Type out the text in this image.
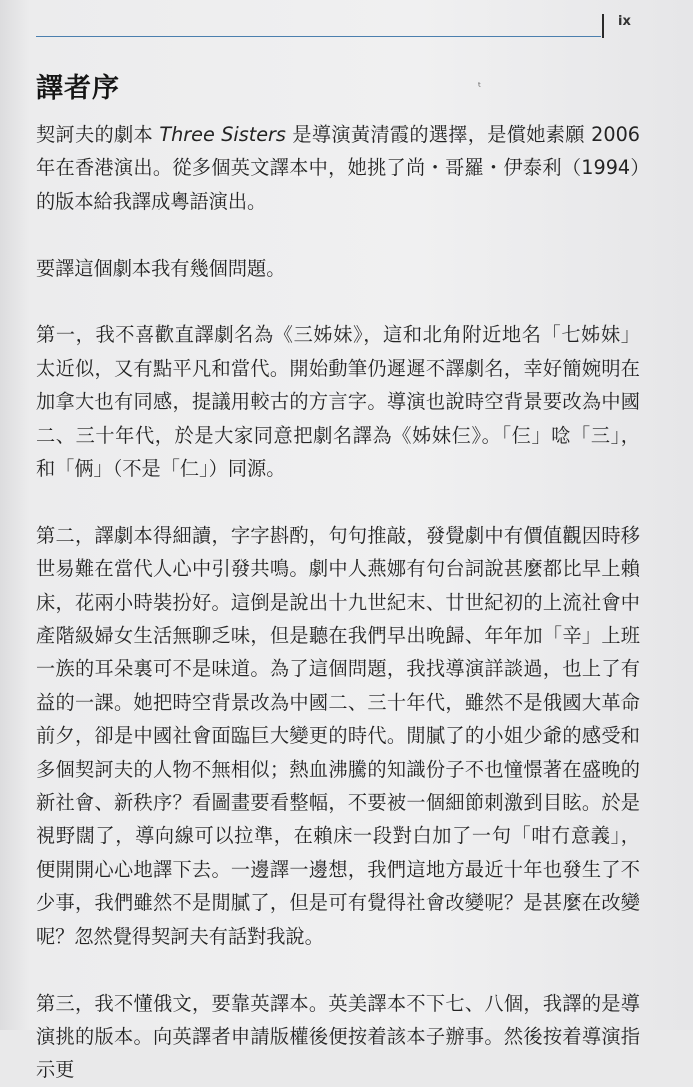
ix
譯者序	ᵗ

契訶夫的劇本 Three Sisters 是導演黃清霞的選擇，是償她素願 2006 年在香港演出。從多個英文譯本中，她挑了尚・哥羅・伊泰利（1994）的版本給我譯成粵語演出。

要譯這個劇本我有幾個問題。

第一，我不喜歡直譯劇名為《三姊妹》，這和北角附近地名「七姊妹」太近似，又有點平凡和當代。開始動筆仍遲遲不譯劇名，幸好簡婉明在加拿大也有同感，提議用較古的方言字。導演也說時空背景要改為中國二、三十年代，於是大家同意把劇名譯為《姊妹仨》。「仨」唸「三」，和「俩」（不是「仁」）同源。

第二，譯劇本得細讀，字字斟酌，句句推敲，發覺劇中有價值觀因時移世易難在當代人心中引發共鳴。劇中人燕娜有句台詞說甚麼都比早上賴床，花兩小時裝扮好。這倒是說出十九世紀末、廿世紀初的上流社會中產階級婦女生活無聊乏味，但是聽在我們早出晚歸、年年加「辛」上班一族的耳朵裏可不是味道。為了這個問題，我找導演詳談過，也上了有益的一課。她把時空背景改為中國二、三十年代，雖然不是俄國大革命前夕，卻是中國社會面臨巨大變更的時代。閒膩了的小姐少爺的感受和多個契訶夫的人物不無相似；熱血沸騰的知識份子不也憧憬著在盛晚的新社會、新秩序？看圖畫要看整幅，不要被一個細節刺激到目眩。於是視野闊了，導向線可以拉準，在賴床一段對白加了一句「咁冇意義」，便開開心心地譯下去。一邊譯一邊想，我們這地方最近十年也發生了不少事，我們雖然不是閒膩了，但是可有覺得社會改變呢？是甚麼在改變呢？忽然覺得契訶夫有話對我說。

第三，我不懂俄文，要靠英譯本。英美譯本不下七、八個，我譯的是導演挑的版本。向英譯者申請版權後便按着該本子辦事。然後按着導演指示更
